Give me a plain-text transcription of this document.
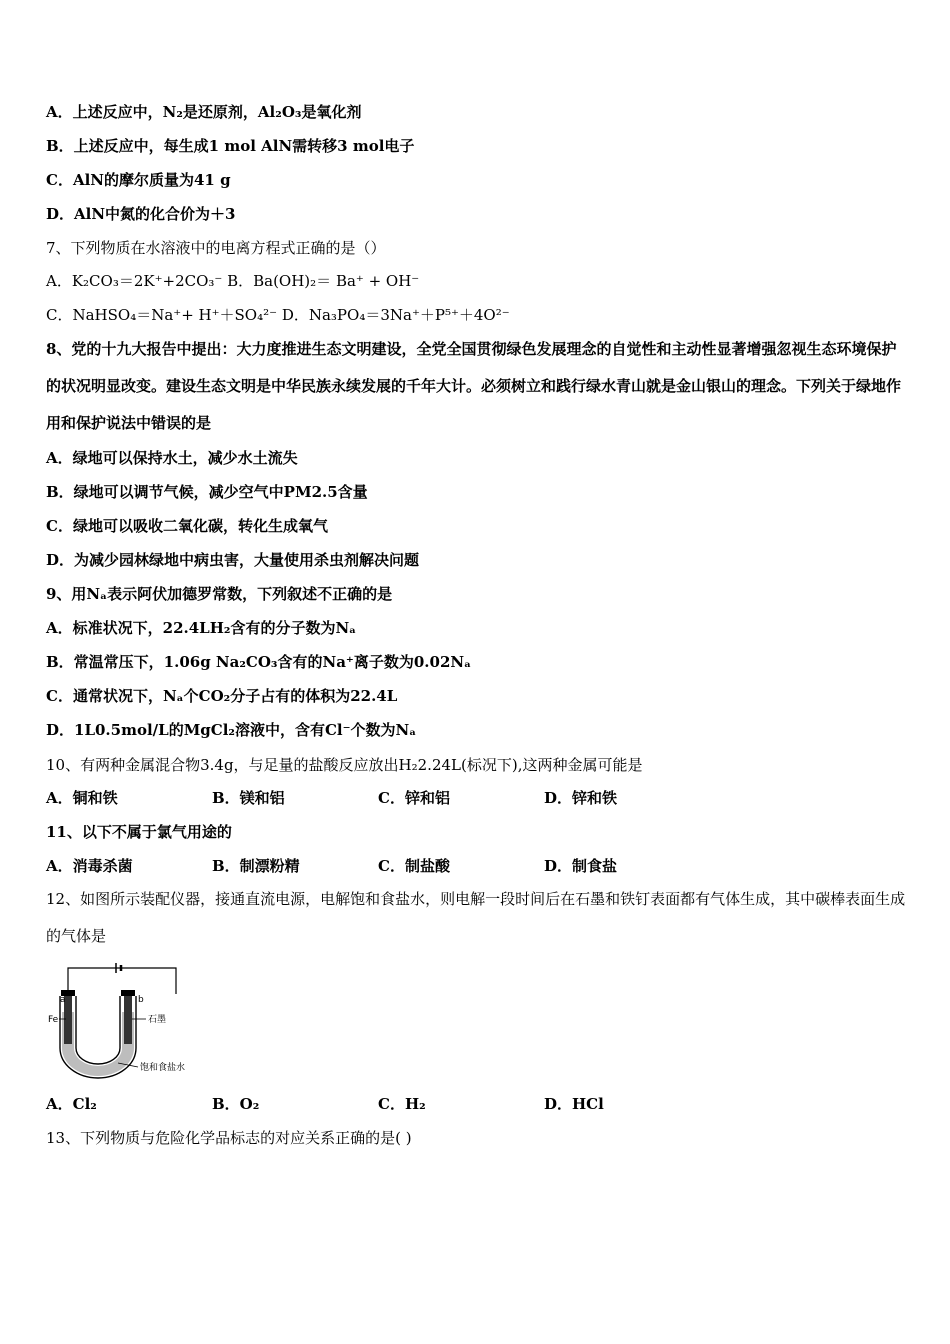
A．上述反应中，N₂是还原剂，Al₂O₃是氧化剂
B．上述反应中，每生成1 mol AlN需转移3 mol电子
C．AlN的摩尔质量为41 g
D．AlN中氮的化合价为＋3
7、下列物质在水溶液中的电离方程式正确的是（）
A．K₂CO₃＝2K⁺+2CO₃⁻ B．Ba(OH)₂＝ Ba⁺ + OH⁻
C．NaHSO₄＝Na⁺+ H⁺＋SO₄²⁻ D．Na₃PO₄＝3Na⁺＋P⁵⁺＋4O²⁻
8、党的十九大报告中提出：大力度推进生态文明建设，全党全国贯彻绿色发展理念的自觉性和主动性显著增强忽视生态环境保护的状况明显改变。建设生态文明是中华民族永续发展的千年大计。必须树立和践行绿水青山就是金山银山的理念。下列关于绿地作用和保护说法中错误的是
A．绿地可以保持水土，减少水土流失
B．绿地可以调节气候，减少空气中PM2.5含量
C．绿地可以吸收二氧化碳，转化生成氧气
D．为减少园林绿地中病虫害，大量使用杀虫剂解决问题
9、用Nₐ表示阿伏加德罗常数，下列叙述不正确的是
A．标准状况下，22.4LH₂含有的分子数为Nₐ
B．常温常压下，1.06g Na₂CO₃含有的Na⁺离子数为0.02Nₐ
C．通常状况下，Nₐ个CO₂分子占有的体积为22.4L
D．1L0.5mol/L的MgCl₂溶液中，含有Cl⁻个数为Nₐ
10、有两种金属混合物3.4g，与足量的盐酸反应放出H₂2.24L(标况下),这两种金属可能是
A．铜和铁	B．镁和铝	C．锌和铝	D．锌和铁
11、以下不属于氯气用途的
A．消毒杀菌	B．制漂粉精	C．制盐酸	D．制食盐
12、如图所示装配仪器，接通直流电源，电解饱和食盐水，则电解一段时间后在石墨和铁钉表面都有气体生成，其中碳棒表面生成的气体是
a	b
Fe	石墨
饱和食盐水
A．Cl₂	B．O₂	C．H₂	D．HCl
13、下列物质与危险化学品标志的对应关系正确的是( )
